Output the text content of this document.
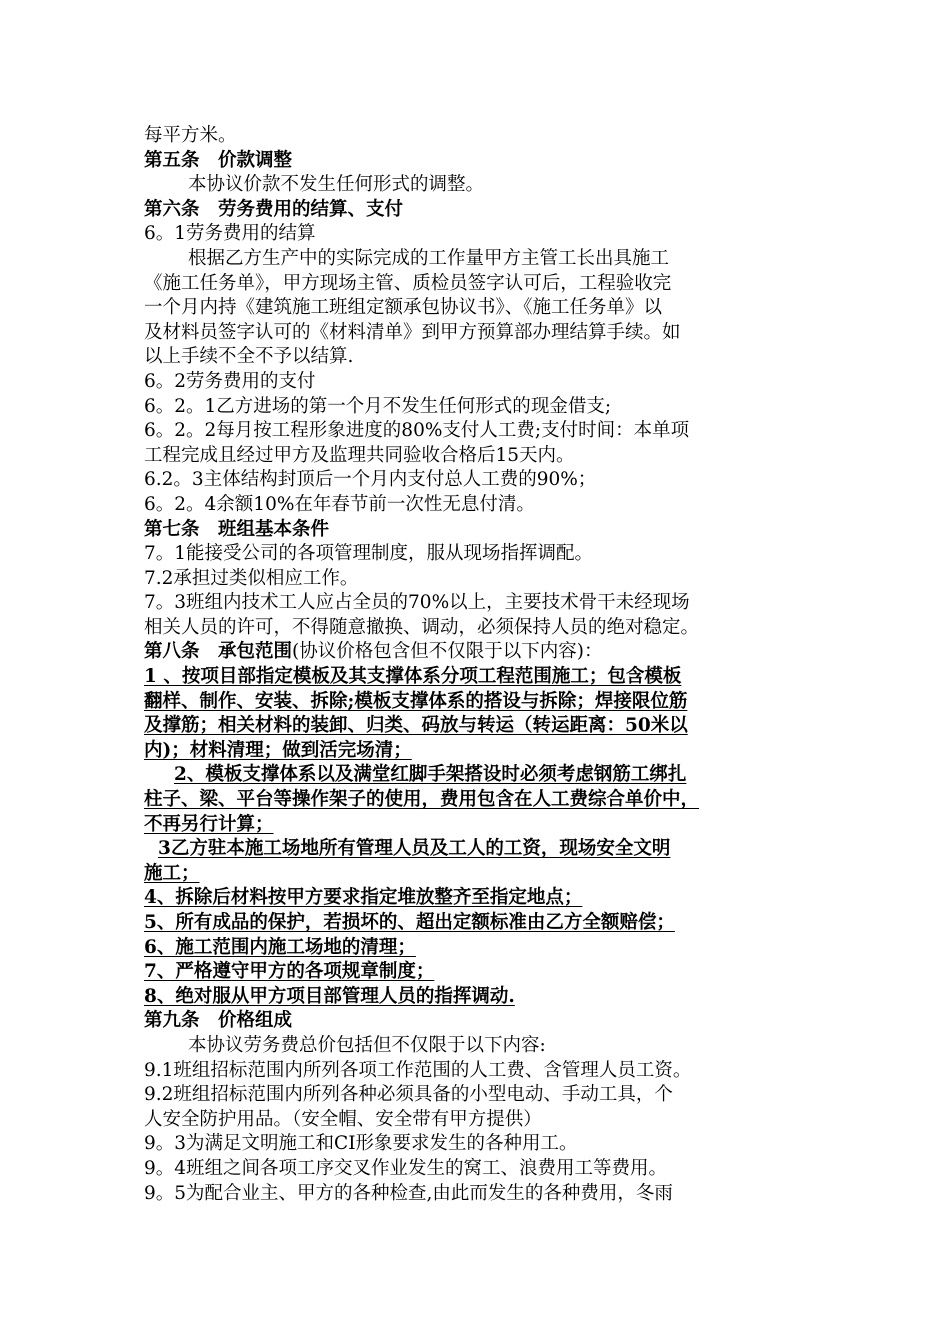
每平方米。
第五条　价款调整
本协议价款不发生任何形式的调整。
第六条　劳务费用的结算、支付
6。1劳务费用的结算
根据乙方生产中的实际完成的工作量甲方主管工长出具施工
《施工任务单》，甲方现场主管、质检员签字认可后，工程验收完
一个月内持《建筑施工班组定额承包协议书》、《施工任务单》以
及材料员签字认可的《材料清单》到甲方预算部办理结算手续。如
以上手续不全不予以结算.
6。2劳务费用的支付
6。2。1乙方进场的第一个月不发生任何形式的现金借支;
6。2。2每月按工程形象进度的80%支付人工费;支付时间：本单项
工程完成且经过甲方及监理共同验收合格后15天内。
6.2。3主体结构封顶后一个月内支付总人工费的90%；
6。2。4余额10%在年春节前一次性无息付清。
第七条　班组基本条件
7。1能接受公司的各项管理制度，服从现场指挥调配。
7.2承担过类似相应工作。
7。3班组内技术工人应占全员的70%以上，主要技术骨干未经现场
相关人员的许可，不得随意撤换、调动，必须保持人员的绝对稳定。
第八条　承包范围(协议价格包含但不仅限于以下内容)：
1 、按项目部指定模板及其支撑体系分项工程范围施工；包含模板
翻样、制作、安装、拆除;模板支撑体系的搭设与拆除；焊接限位筋
及撑筋；相关材料的装卸、归类、码放与转运（转运距离：50米以
内)；材料清理；做到活完场清；
2、模板支撑体系以及满堂红脚手架搭设时必须考虑钢筋工绑扎
柱子、梁、平台等操作架子的使用，费用包含在人工费综合单价中，
不再另行计算；
3乙方驻本施工场地所有管理人员及工人的工资，现场安全文明
施工；
4、拆除后材料按甲方要求指定堆放整齐至指定地点；
5、所有成品的保护，若损坏的、超出定额标准由乙方全额赔偿；
6、施工范围内施工场地的清理；
7、严格遵守甲方的各项规章制度；
8、绝对服从甲方项目部管理人员的指挥调动.
第九条　价格组成
本协议劳务费总价包括但不仅限于以下内容:
9.1班组招标范围内所列各项工作范围的人工费、含管理人员工资。
9.2班组招标范围内所列各种必须具备的小型电动、手动工具，个
人安全防护用品。（安全帽、安全带有甲方提供）
9。3为满足文明施工和CI形象要求发生的各种用工。
9。4班组之间各项工序交叉作业发生的窝工、浪费用工等费用。
9。5为配合业主、甲方的各种检查,由此而发生的各种费用，冬雨
